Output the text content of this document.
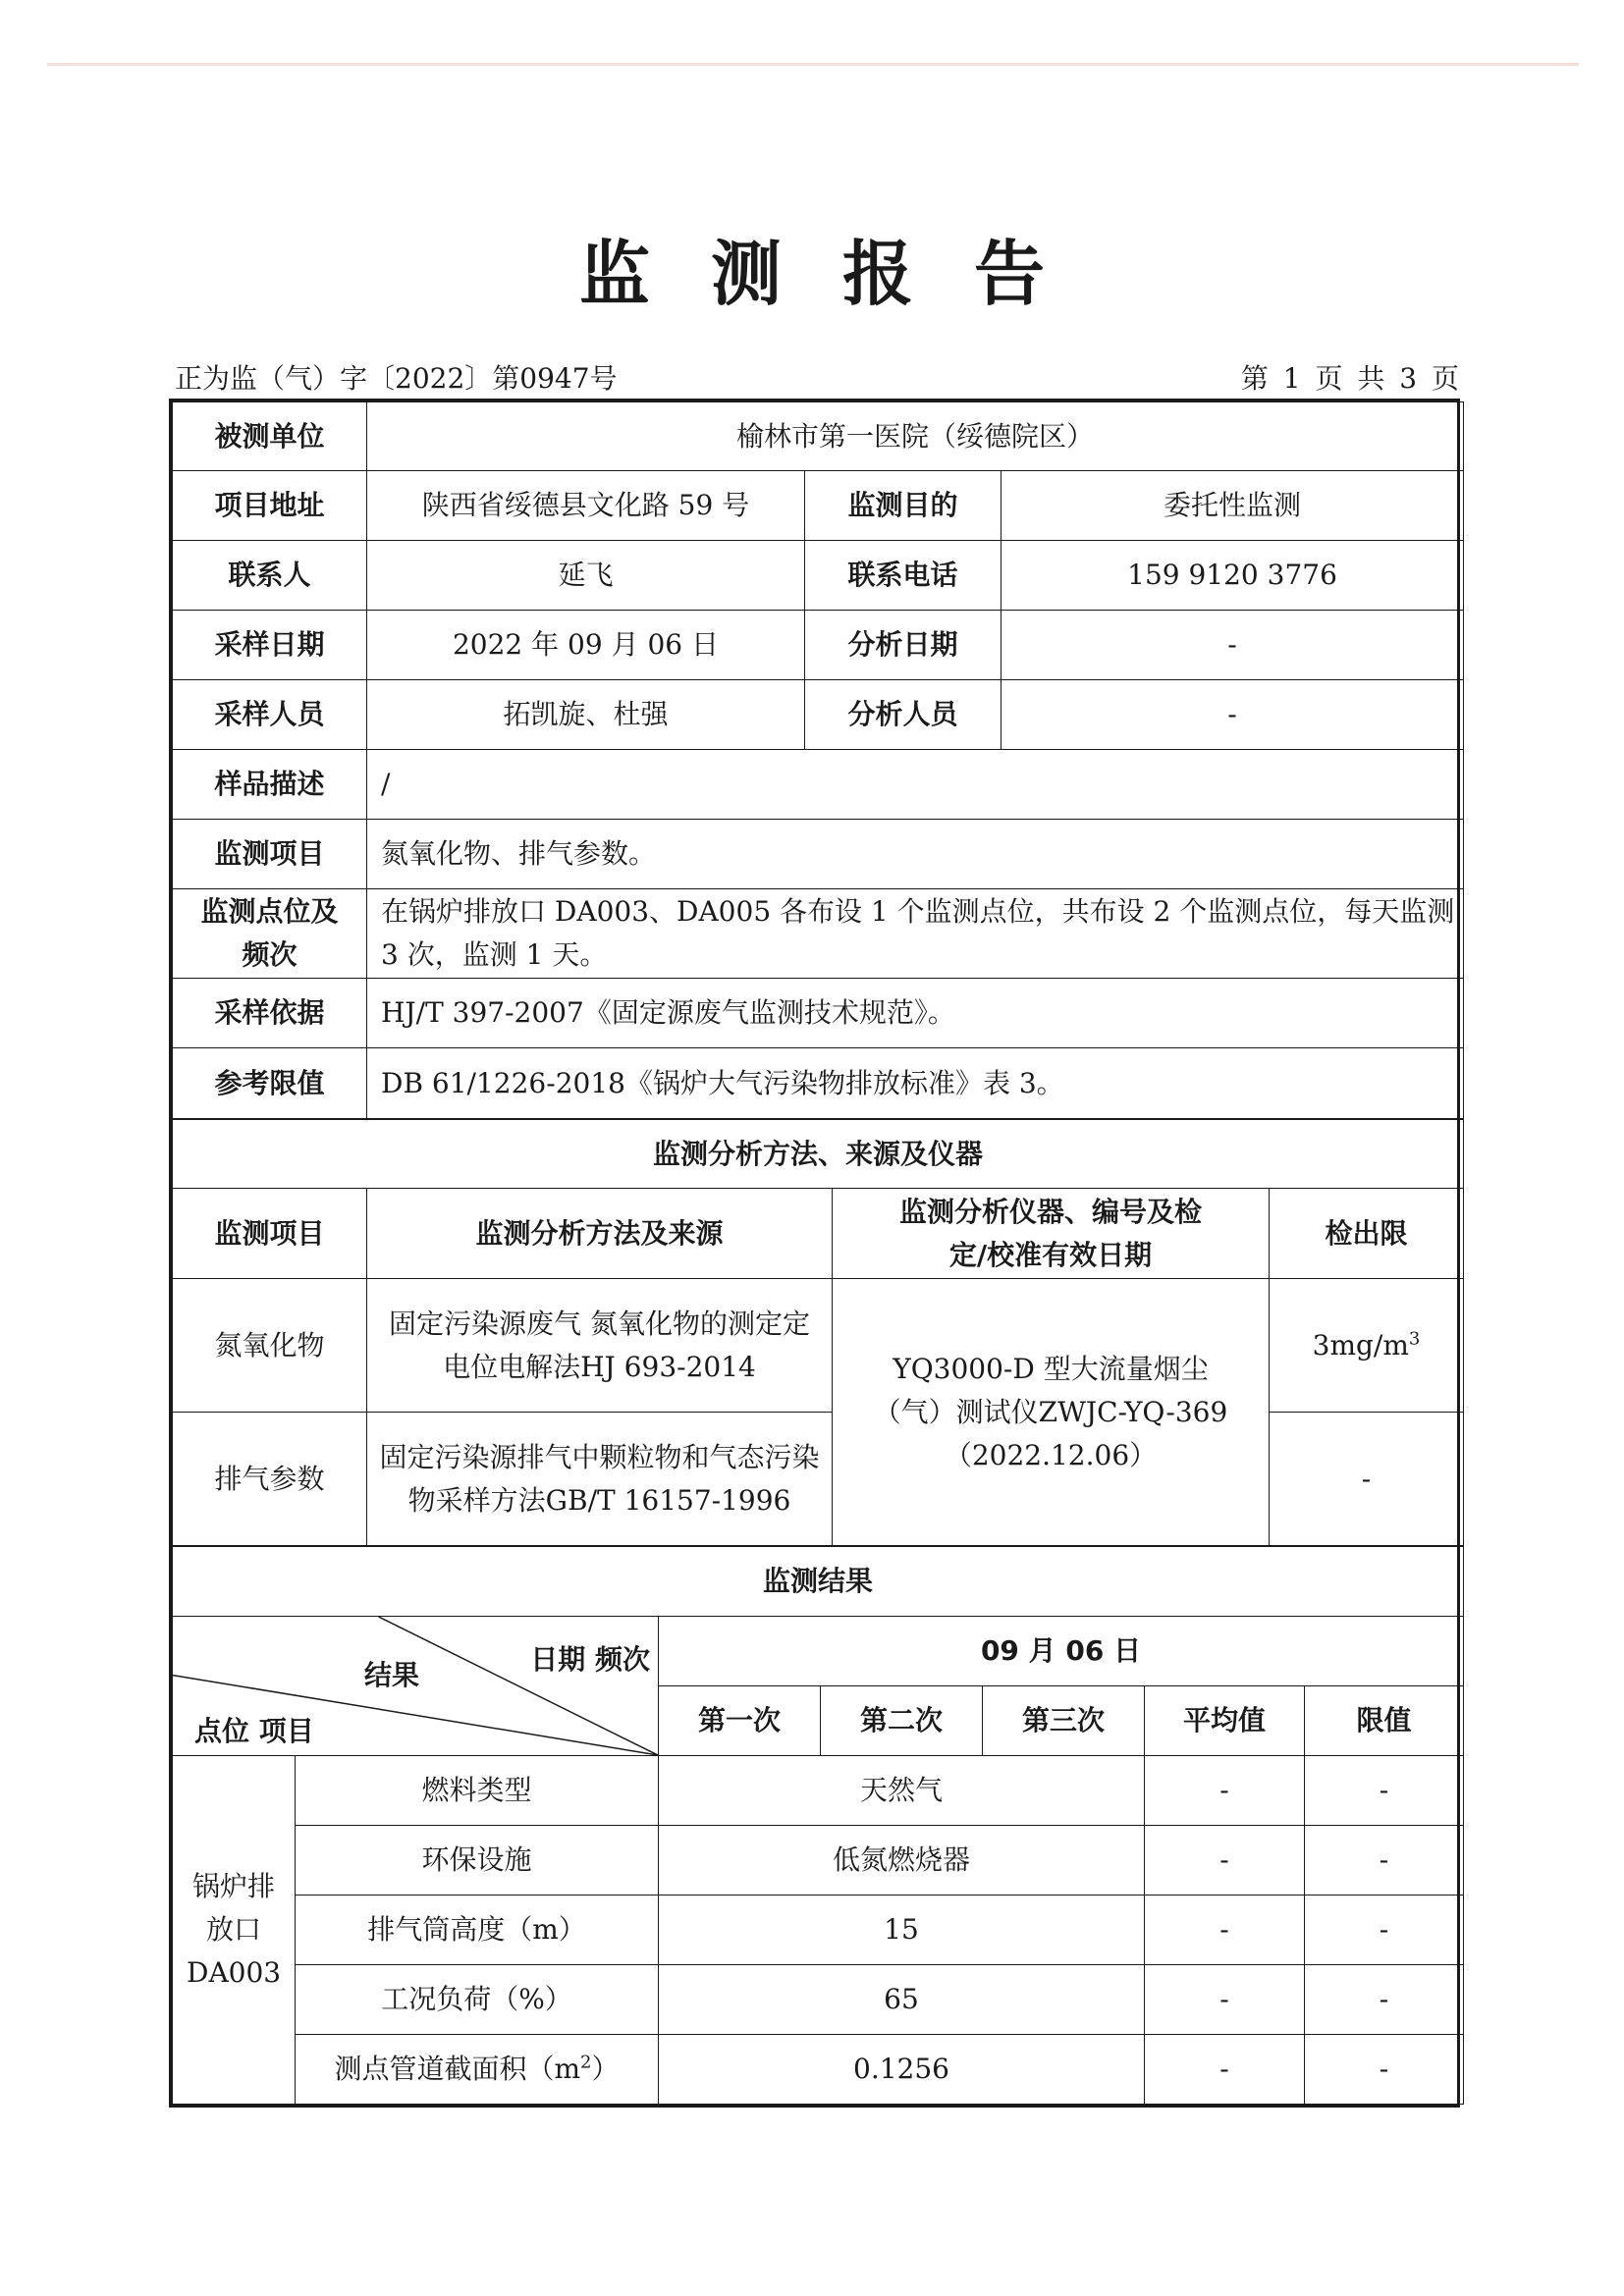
监测报告
正为监（气）字〔2022〕第0947号	第 1 页 共 3 页
被测单位	榆林市第一医院（绥德院区）		
项目地址	陕西省绥德县文化路 59 号	监测目的	委托性监测
联系人	延飞	联系电话	159 9120 3776
采样日期	2022 年 09 月 06 日	分析日期	-
采样人员	拓凯旋、杜强	分析人员	-
样品描述	/		
监测项目	氮氧化物、排气参数。		
监测点位及频次	在锅炉排放口 DA003、DA005 各布设 1 个监测点位，共布设 2 个监测点位，每天监测 3 次，监测 1 天。		
采样依据	HJ/T 397-2007《固定源废气监测技术规范》。		
参考限值	DB 61/1226-2018《锅炉大气污染物排放标准》表 3。		
监测分析方法、来源及仪器			
监测项目	监测分析方法及来源	监测分析仪器、编号及检定/校准有效日期	检出限
氮氧化物	固定污染源废气 氮氧化物的测定定电位电解法HJ 693-2014	YQ3000-D 型大流量烟尘（气）测试仪ZWJC-YQ-369（2022.12.06）	$3mg/m^3$
排气参数	固定污染源排气中颗粒物和气态污染物采样方法GB/T 16157-1996		-
监测结果						

日期 频次
结果
点位 项目		09 月 06 日				
		第一次	第二次	第三次	平均值	限值
锅炉排放口DA003	燃料类型	天然气			-	-
	环保设施	低氮燃烧器			-	-
	排气筒高度（m）	15			-	-
	工况负荷（%）	65			-	-
	测点管道截面积$(m^2)$	0.1256			-	-
